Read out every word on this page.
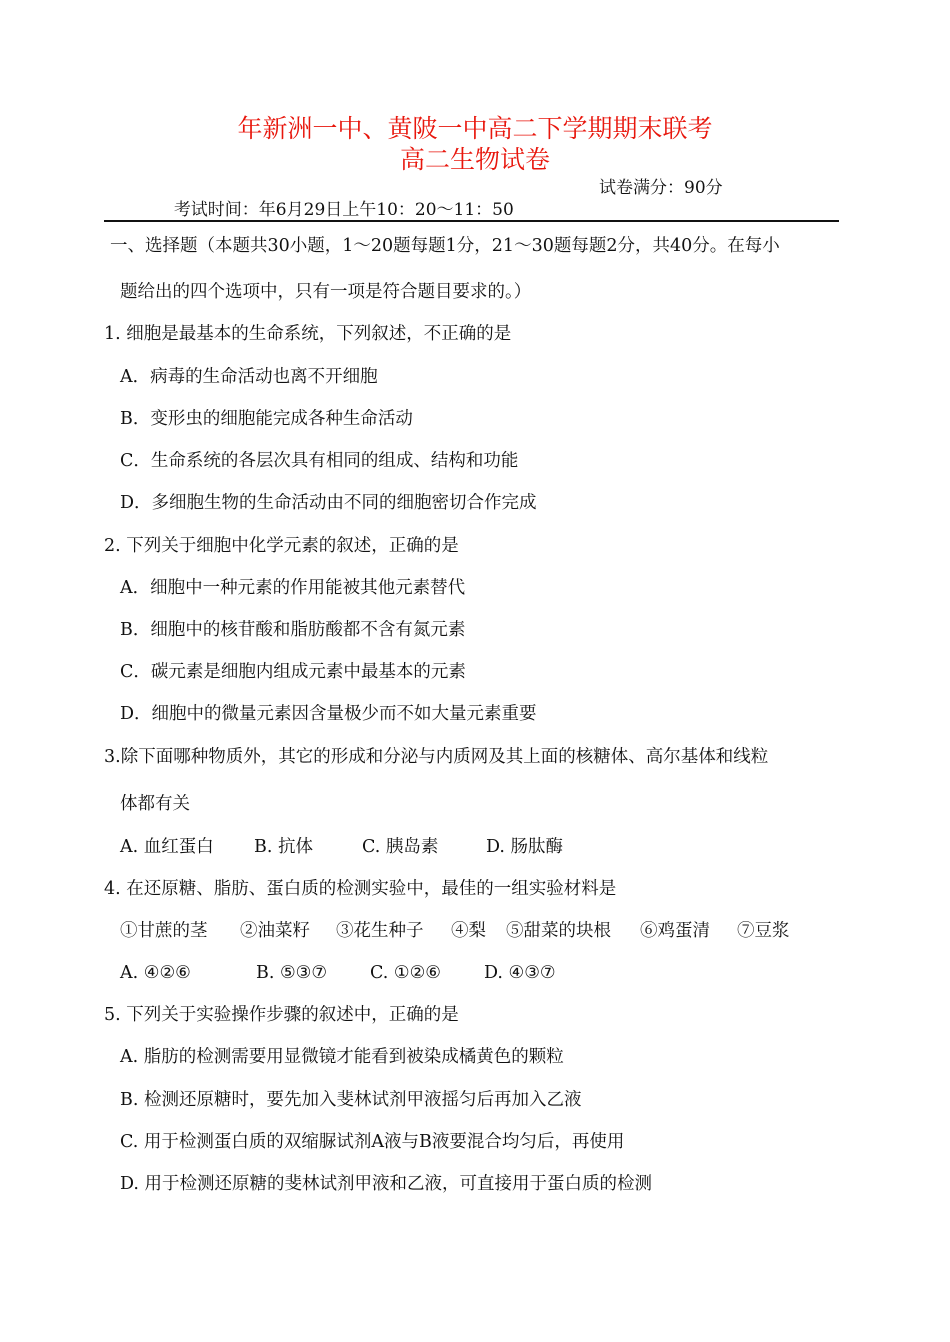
年新洲一中、黄陂一中高二下学期期末联考
高二生物试卷

考试时间：年6月29日上午10：20～11：50

试卷满分：90分

一、选择题（本题共30小题，1～20题每题1分，21～30题每题2分，共40分。在每小
题给出的四个选项中，只有一项是符合题目要求的。）
1. 细胞是最基本的生命系统，下列叙述，不正确的是
A．病毒的生命活动也离不开细胞
B．变形虫的细胞能完成各种生命活动
C．生命系统的各层次具有相同的组成、结构和功能
D．多细胞生物的生命活动由不同的细胞密切合作完成
2. 下列关于细胞中化学元素的叙述，正确的是
A．细胞中一种元素的作用能被其他元素替代
B．细胞中的核苷酸和脂肪酸都不含有氮元素
C．碳元素是细胞内组成元素中最基本的元素
D．细胞中的微量元素因含量极少而不如大量元素重要
3.除下面哪种物质外，其它的形成和分泌与内质网及其上面的核糖体、高尔基体和线粒
体都有关

A. 血红蛋白

B. 抗体

	C. 胰岛素

	D. 肠肽酶

4. 在还原糖、脂肪、蛋白质的检测实验中，最佳的一组实验材料是

①甘蔗的茎

②油菜籽

③花生种子

④梨

⑤甜菜的块根

⑥鸡蛋清

⑦豆浆

A. ④②⑥

	B. ⑤③⑦

C. ①②⑥

D. ④③⑦

5. 下列关于实验操作步骤的叙述中，正确的是
A. 脂肪的检测需要用显微镜才能看到被染成橘黄色的颗粒
B. 检测还原糖时，要先加入斐林试剂甲液摇匀后再加入乙液
C. 用于检测蛋白质的双缩脲试剂A液与B液要混合均匀后，再使用
D. 用于检测还原糖的斐林试剂甲液和乙液，可直接用于蛋白质的检测
